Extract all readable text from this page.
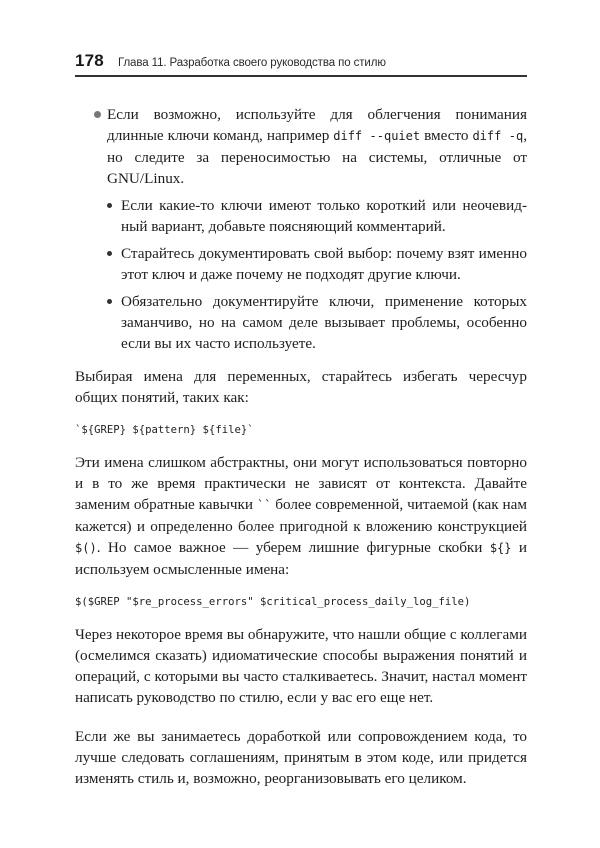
178 Глава 11. Разработка своего руководства по стилю
Если возможно, используйте для облегчения понимания длинные ключи команд, например diff --quiet вместо diff -q, но следите за переносимостью на системы, отличные от GNU/Linux.
Если какие-то ключи имеют только короткий или неочевидный вариант, добавьте поясняющий комментарий.
Старайтесь документировать свой выбор: почему взят именно этот ключ и даже почему не подходят другие ключи.
Обязательно документируйте ключи, применение которых заманчиво, но на самом деле вызывает проблемы, особенно если вы их часто используете.

Выбирая имена для переменных, старайтесь избегать чересчур общих понятий, таких как:

`${GREP} ${pattern} ${file}`

Эти имена слишком абстрактны, они могут использоваться повторно и в то же время практически не зависят от контекста. Давайте заменим обратные кавычки `` более современной, читаемой (как нам кажется) и определенно более пригодной к вложению конструкцией $(). Но самое важное — уберем лишние фигурные скобки ${} и используем осмысленные имена:

$($GREP "$re_process_errors" $critical_process_daily_log_file)

Через некоторое время вы обнаружите, что нашли общие с коллегами (осмелимся сказать) идиоматические способы выражения понятий и операций, с которыми вы часто сталкиваетесь. Значит, настал момент написать руководство по стилю, если у вас его еще нет.

Если же вы занимаетесь доработкой или сопровождением кода, то лучше следовать соглашениям, принятым в этом коде, или придется изменять стиль и, возможно, реорганизовывать его целиком.
